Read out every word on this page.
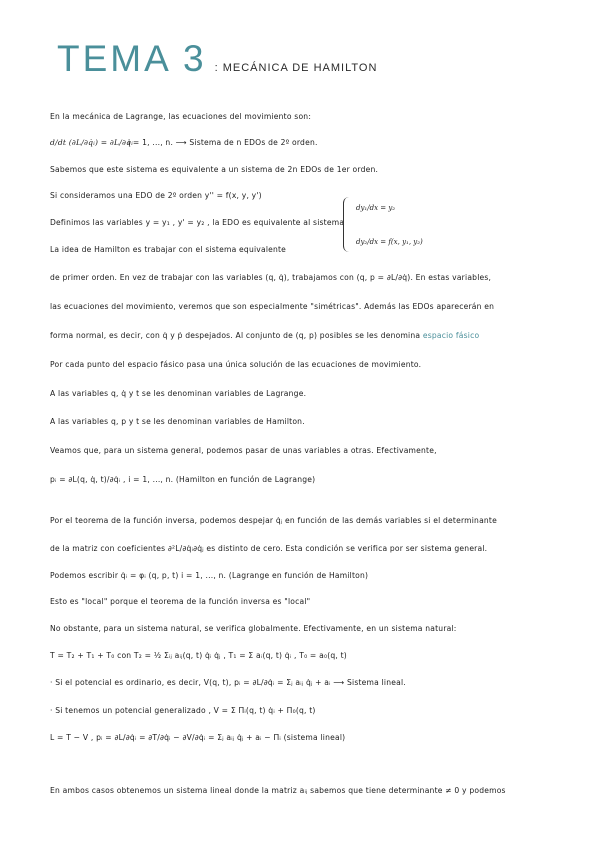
TEMA 3 : MECÁNICA DE HAMILTON
En la mecánica de Lagrange, las ecuaciones del movimiento son:
d/dt (∂L/∂q̇ᵢ) = ∂L/∂qᵢ
i = 1, ..., n. ⟶ Sistema de n EDOs de 2º orden.
Sabemos que este sistema es equivalente a un sistema de 2n EDOs de 1er orden.
Si consideramos una EDO de 2º orden y'' = f(x, y, y')
Definimos las variables y = y₁ , y' = y₂ , la EDO es equivalente al sistema
La idea de Hamilton es trabajar con el sistema equivalente
dy₁/dx = y₂
dy₂/dx = f(x, y₁, y₂)
de primer orden. En vez de trabajar con las variables (q, q̇), trabajamos con (q, p = ∂L/∂q̇). En estas variables,
las ecuaciones del movimiento, veremos que son especialmente "simétricas". Además las EDOs aparecerán en
forma normal, es decir, con q̇ y ṗ despejados. Al conjunto de (q, p) posibles se les denomina espacio fásico
Por cada punto del espacio fásico pasa una única solución de las ecuaciones de movimiento.
A las variables q, q̇ y t se les denominan variables de Lagrange.
A las variables q, p y t se les denominan variables de Hamilton.
Veamos que, para un sistema general, podemos pasar de unas variables a otras. Efectivamente,
pᵢ = ∂L(q, q̇, t)/∂q̇ᵢ , i = 1, ..., n. (Hamilton en función de Lagrange)
Por el teorema de la función inversa, podemos despejar q̇ⱼ en función de las demás variables si el determinante
de la matriz con coeficientes ∂²L/∂q̇ᵢ∂q̇ⱼ es distinto de cero. Esta condición se verifica por ser sistema general.
Podemos escribir q̇ᵢ = φᵢ (q, p, t) i = 1, ..., n. (Lagrange en función de Hamilton)
Esto es "local" porque el teorema de la función inversa es "local"
No obstante, para un sistema natural, se verifica globalmente. Efectivamente, en un sistema natural:
T = T₂ + T₁ + T₀ con T₂ = ½ Σᵢⱼ aᵢⱼ(q, t) q̇ᵢ q̇ⱼ , T₁ = Σ aᵢ(q, t) q̇ᵢ , T₀ = a₀(q, t)
· Si el potencial es ordinario, es decir, V(q, t), pᵢ = ∂L/∂q̇ᵢ = Σⱼ aᵢⱼ q̇ⱼ + aᵢ ⟶ Sistema lineal.
· Si tenemos un potencial generalizado , V = Σ Πᵢ(q, t) q̇ᵢ + Π₀(q, t)
L = T − V , pᵢ = ∂L/∂q̇ᵢ = ∂T/∂q̇ᵢ − ∂V/∂q̇ᵢ = Σⱼ aᵢⱼ q̇ⱼ + aᵢ − Πᵢ (sistema lineal)
En ambos casos obtenemos un sistema lineal donde la matriz aᵢⱼ sabemos que tiene determinante ≠ 0 y podemos
